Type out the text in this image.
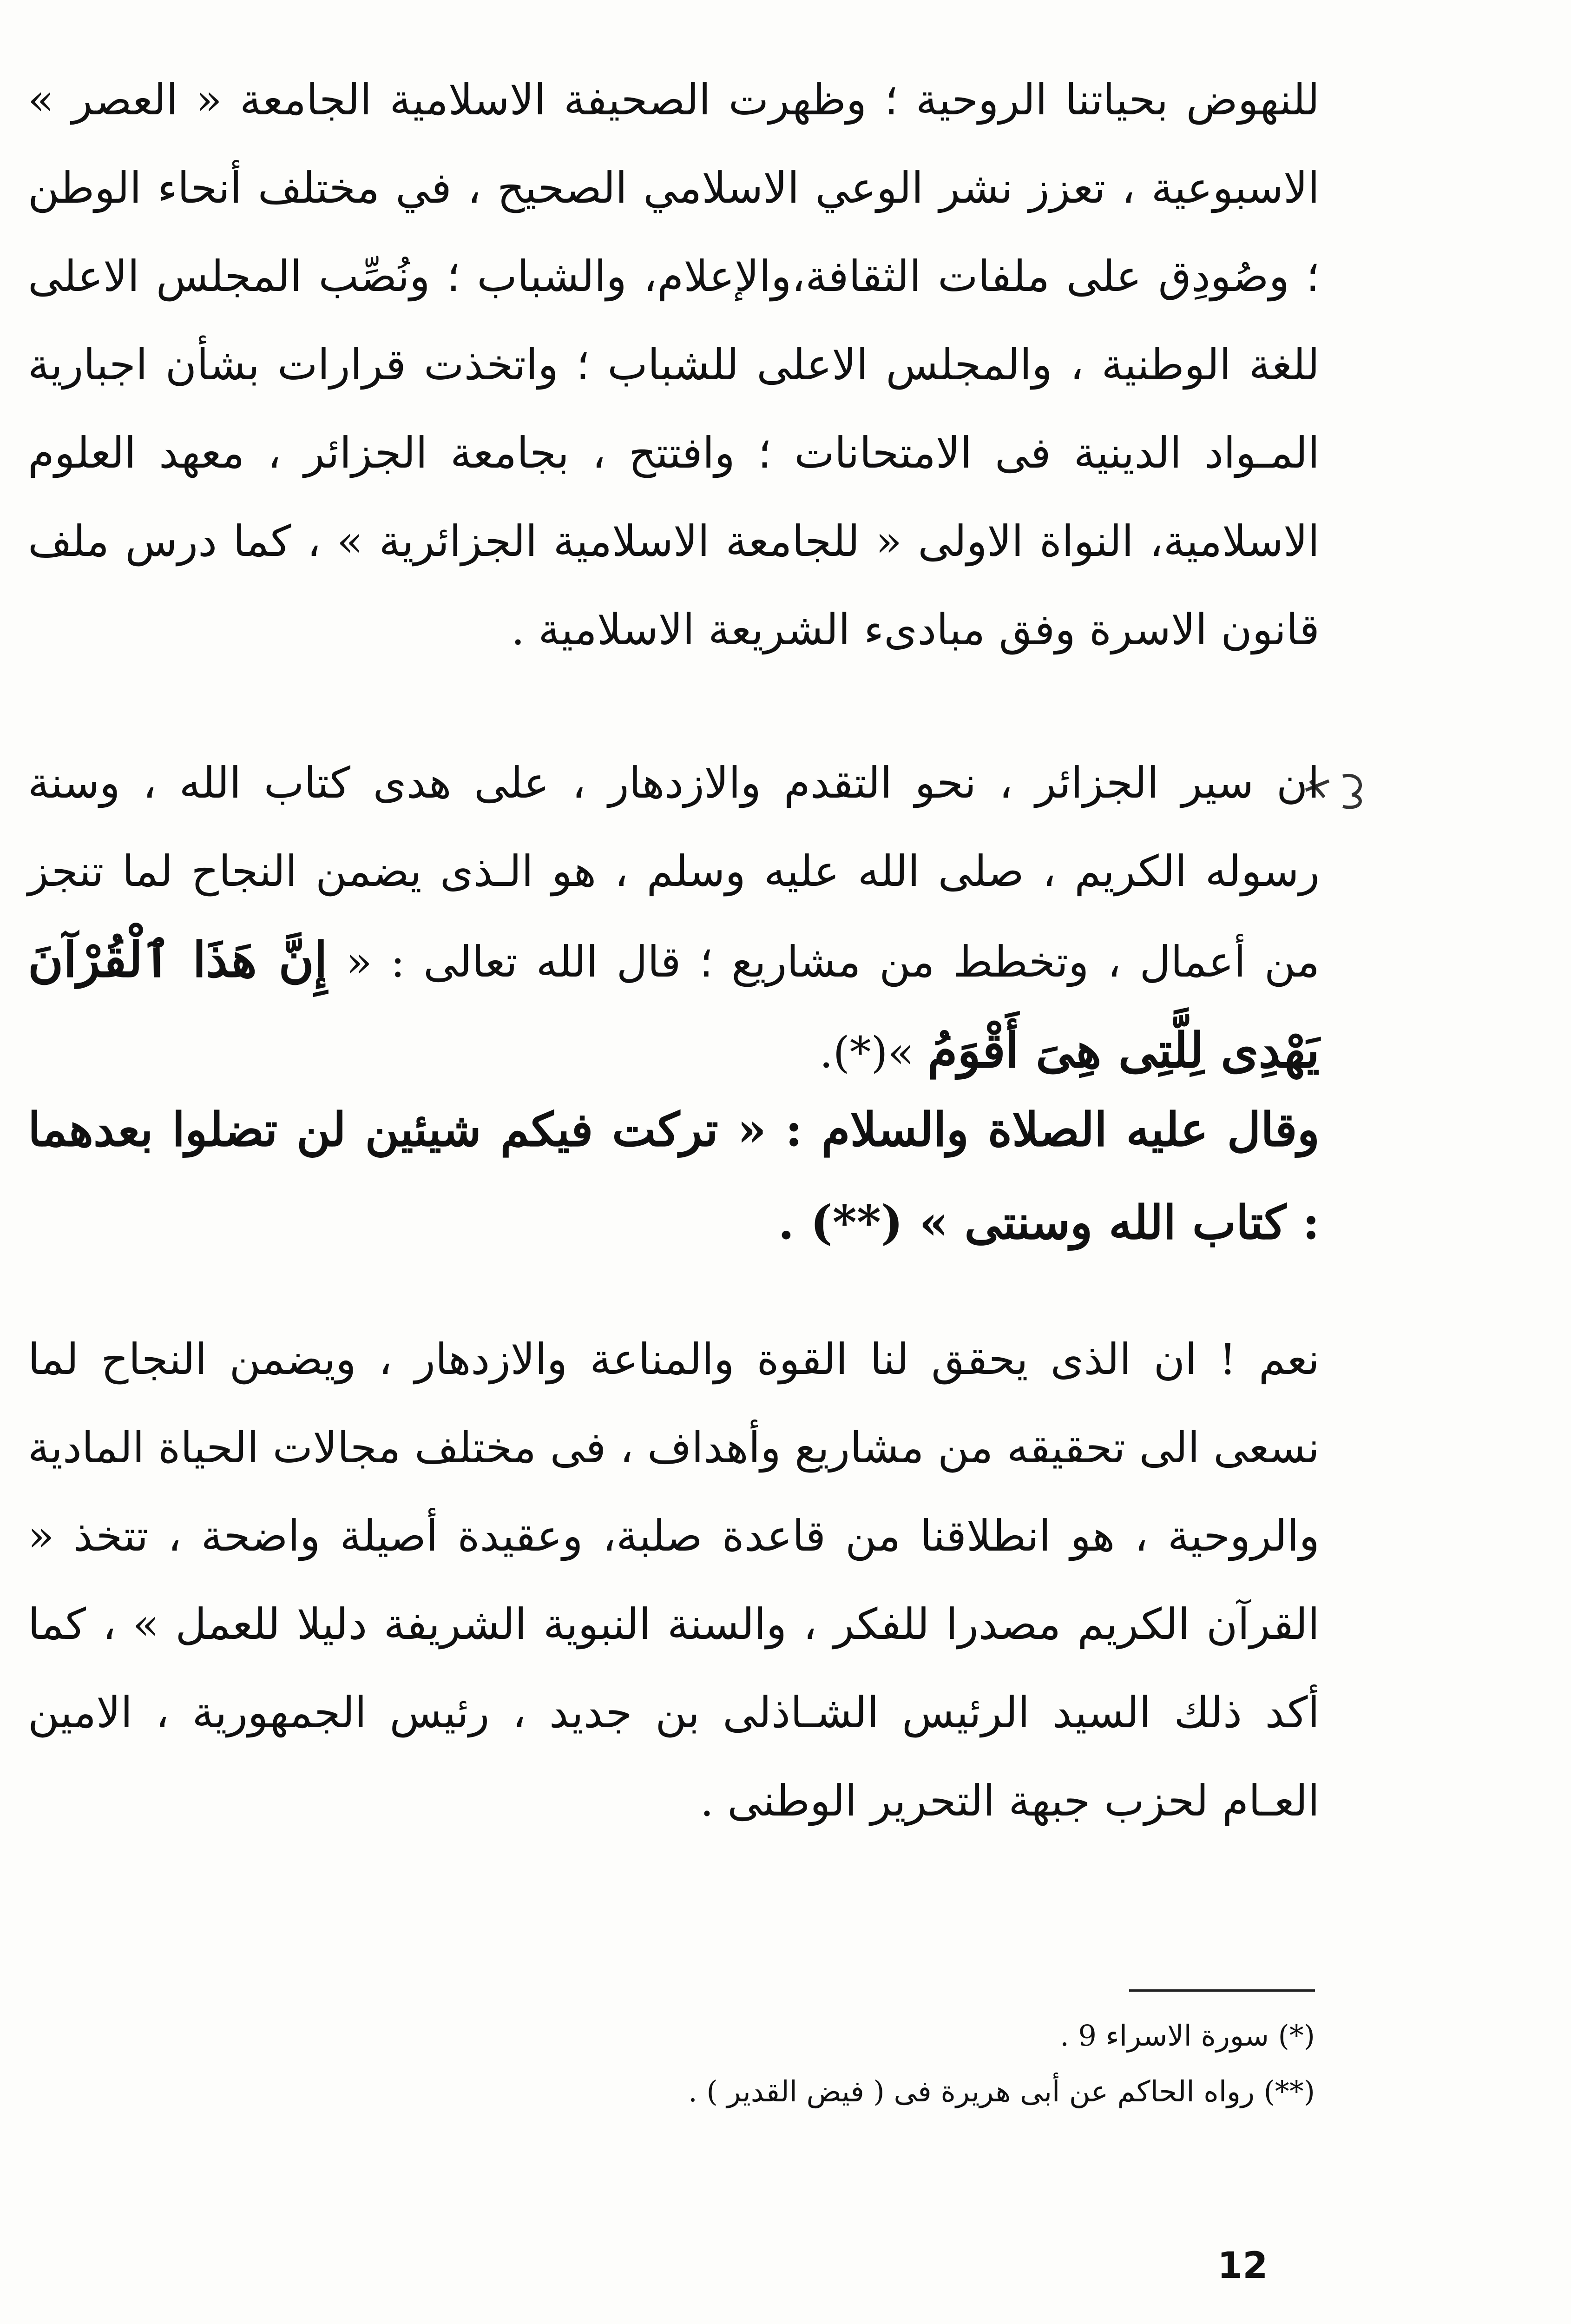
للنهوض بحياتنا الروحية ؛ وظهرت الصحيفة الاسلامية الجامعة « العصر » الاسبوعية ، تعزز نشر الوعي الاسلامي الصحيح ، في مختلف أنحاء الوطن ؛ وصُودِق على ملفات الثقافة،والإعلام، والشباب ؛ ونُصِّب المجلس الاعلى للغة الوطنية ، والمجلس الاعلى للشباب ؛ واتخذت قرارات بشأن اجبارية المـواد الدينية فى الامتحانات ؛ وافتتح ، بجامعة الجزائر ، معهد العلوم الاسلامية، النواة الاولى « للجامعة الاسلامية الجزائرية » ، كما درس ملف قانون الاسرة وفق مبادىء الشريعة الاسلامية .

ان سير الجزائر ، نحو التقدم والازدهار ، على هدى كتاب الله ، وسنة رسوله الكريم ، صلى الله عليه وسلم ، هو الـذى يضمن النجاح لما تنجز من أعمال ، وتخطط من مشاريع ؛ قال الله تعالى : « إِنَّ هَذَا ٱلْقُرْآنَ يَهْدِى لِلَّتِى هِىَ أَقْوَمُ »(*).

وقال عليه الصلاة والسلام : « تركت فيكم شيئين لن تضلوا بعدهما : كتاب الله وسنتى » (**) .

نعم ! ان الذى يحقق لنا القوة والمناعة والازدهار ، ويضمن النجاح لما نسعى الى تحقيقه من مشاريع وأهداف ، فى مختلف مجالات الحياة المادية والروحية ، هو انطلاقنا من قاعدة صلبة، وعقيدة أصيلة واضحة ، تتخذ « القرآن الكريم مصدرا للفكر ، والسنة النبوية الشريفة دليلا للعمل » ، كما أكد ذلك السيد الرئيس الشـاذلى بن جديد ، رئيس الجمهورية ، الامين العـام لحزب جبهة التحرير الوطنى .

(*) سورة الاسراء 9 .
(**) رواه الحاكم عن أبى هريرة فى ( فيض القدير ) .
12
